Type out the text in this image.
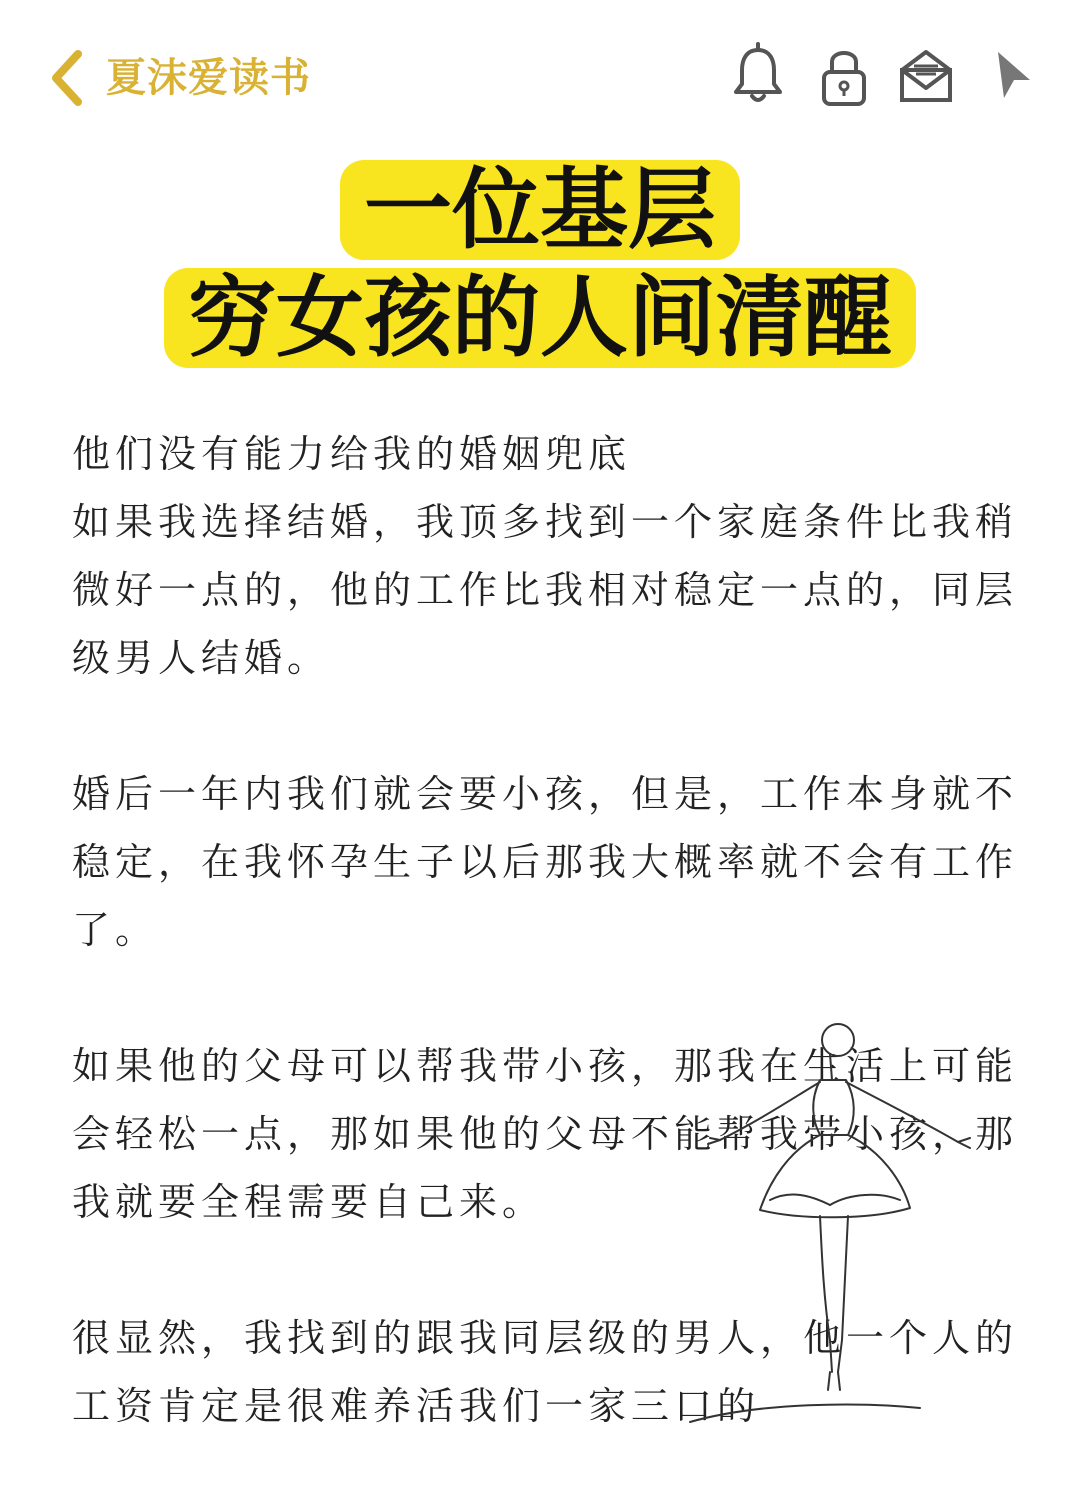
夏沫爱读书
一位基层
穷女孩的人间清醒

他们没有能力给我的婚姻兜底
如果我选择结婚，我顶多找到一个家庭条件比我稍微好一点的，他的工作比我相对稳定一点的，同层级男人结婚。

婚后一年内我们就会要小孩，但是，工作本身就不稳定，在我怀孕生子以后那我大概率就不会有工作了。

如果他的父母可以帮我带小孩，那我在生活上可能会轻松一点，那如果他的父母不能帮我带小孩，那我就要全程需要自己来。

很显然，我找到的跟我同层级的男人，他一个人的
工资肯定是很难养活我们一家三口的
